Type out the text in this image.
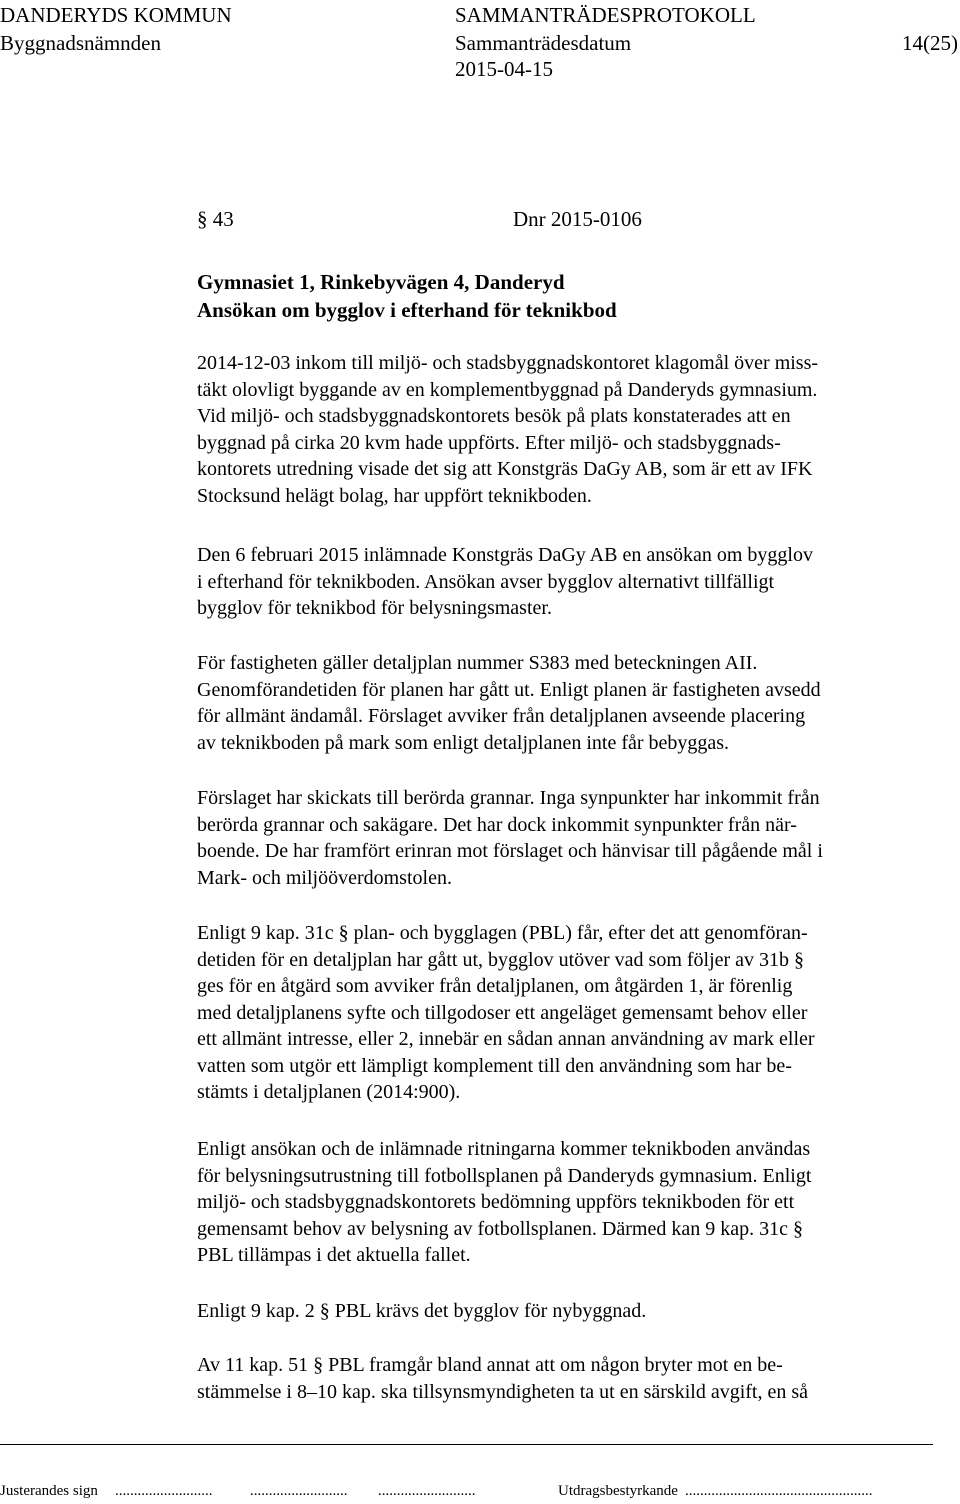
DANDERYDS KOMMUN	SAMMANTRÄDESPROTOKOLL
Byggnadsnämnden	Sammanträdesdatum	14(25)
2015-04-15
§ 43	Dnr 2015-0106
Gymnasiet 1, Rinkebyvägen 4, Danderyd
Ansökan om bygglov i efterhand för teknikbod
2014-12-03 inkom till miljö- och stadsbyggnadskontoret klagomål över miss-
täkt olovligt byggande av en komplementbyggnad på Danderyds gymnasium.
Vid miljö- och stadsbyggnadskontorets besök på plats konstaterades att en
byggnad på cirka 20 kvm hade uppförts. Efter miljö- och stadsbyggnads-
kontorets utredning visade det sig att Konstgräs DaGy AB, som är ett av IFK
Stocksund helägt bolag, har uppfört teknikboden.
Den 6 februari 2015 inlämnade Konstgräs DaGy AB en ansökan om bygglov
i efterhand för teknikboden. Ansökan avser bygglov alternativt tillfälligt
bygglov för teknikbod för belysningsmaster.
För fastigheten gäller detaljplan nummer S383 med beteckningen AII.
Genomförandetiden för planen har gått ut. Enligt planen är fastigheten avsedd
för allmänt ändamål. Förslaget avviker från detaljplanen avseende placering
av teknikboden på mark som enligt detaljplanen inte får bebyggas.
Förslaget har skickats till berörda grannar. Inga synpunkter har inkommit från
berörda grannar och sakägare. Det har dock inkommit synpunkter från när-
boende. De har framfört erinran mot förslaget och hänvisar till pågående mål i
Mark- och miljööverdomstolen.
Enligt 9 kap. 31c § plan- och bygglagen (PBL) får, efter det att genomföran-
detiden för en detaljplan har gått ut, bygglov utöver vad som följer av 31b §
ges för en åtgärd som avviker från detaljplanen, om åtgärden 1, är förenlig
med detaljplanens syfte och tillgodoser ett angeläget gemensamt behov eller
ett allmänt intresse, eller 2, innebär en sådan annan användning av mark eller
vatten som utgör ett lämpligt komplement till den användning som har be-
stämts i detaljplanen (2014:900).
Enligt ansökan och de inlämnade ritningarna kommer teknikboden användas
för belysningsutrustning till fotbollsplanen på Danderyds gymnasium. Enligt
miljö- och stadsbyggnadskontorets bedömning uppförs teknikboden för ett
gemensamt behov av belysning av fotbollsplanen. Därmed kan 9 kap. 31c §
PBL tillämpas i det aktuella fallet.
Enligt 9 kap. 2 § PBL krävs det bygglov för nybyggnad.
Av 11 kap. 51 § PBL framgår bland annat att om någon bryter mot en be-
stämmelse i 8–10 kap. ska tillsynsmyndigheten ta ut en särskild avgift, en så
Justerandes sign ..........................	.......................... ..........................	Utdragsbestyrkande ..................................................
